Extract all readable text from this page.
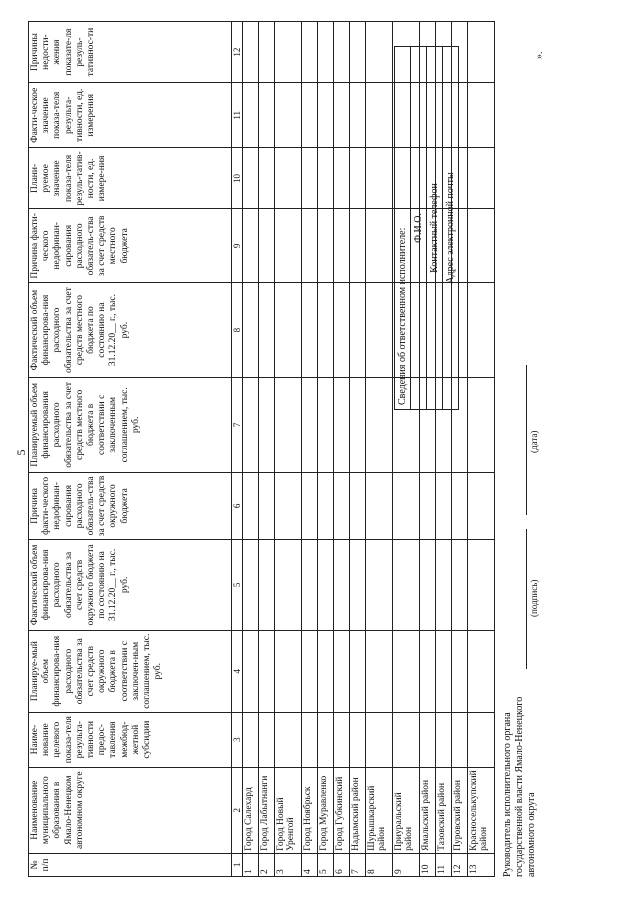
5
№ п/п	Наименование муниципального образования в Ямало-Ненецком автономном округе	Наиме-нование целевого показа-теля результа-тивности предос-тавления межбюд-жетной субсидии	Планируе-мый объем финансирова-ния расходного обязательства за счет средств окружного бюджета в соответствии с заключен-ным соглашением, тыс. руб.	Фактический объем финансирова-ния расходного обязательства за счет средств окружного бюджета по состоянию на 31.12.20__ г., тыс. руб.	Причина факти-ческого недофинан-сирования расходного обязатель-ства за счет средств окружного бюджета	Планируемый объем финансирования расходного обязательства за счет средств местного бюджета в соответствии с заключенным соглашением, тыс. руб.	Фактический объем финансирова-ния расходного обязательства за счет средств местного бюджета по состоянию на 31.12.20__ г., тыс. руб.	Причина факти-ческого недофинан-сирования расходного обязатель-ства за счет средств местного бюджета	Плани-руемое значение показа-теля резуль-татив-ности, ед. измере-ния	Факти-ческое значение показа-теля результа-тивности, ед. измерения	Причины недости-жения показате-ля резуль-тативнос-ти
1	2	3	4	5	6	7	8	9	10	11	12
1	Город Салехард										
2	Город Лабытнанги										
3	Город Новый Уренгой										
4	Город Ноябрьск										
5	Город Муравленко										
6	Город Губкинский										
7	Надымский район										
8	Шурышкарский район										
9	Приуральский район										
10	Ямальский район										
11	Тазовский район										
12	Пуровский район										
13	Красноселькупский район										
Сведения об ответственном исполнителе:
Ф.И.О.
Контактный телефон
Адрес электронной почты
Руководитель исполнительного органа государственной власти Ямало-Ненецкого автономного округа
(подпись)
(дата)
».
